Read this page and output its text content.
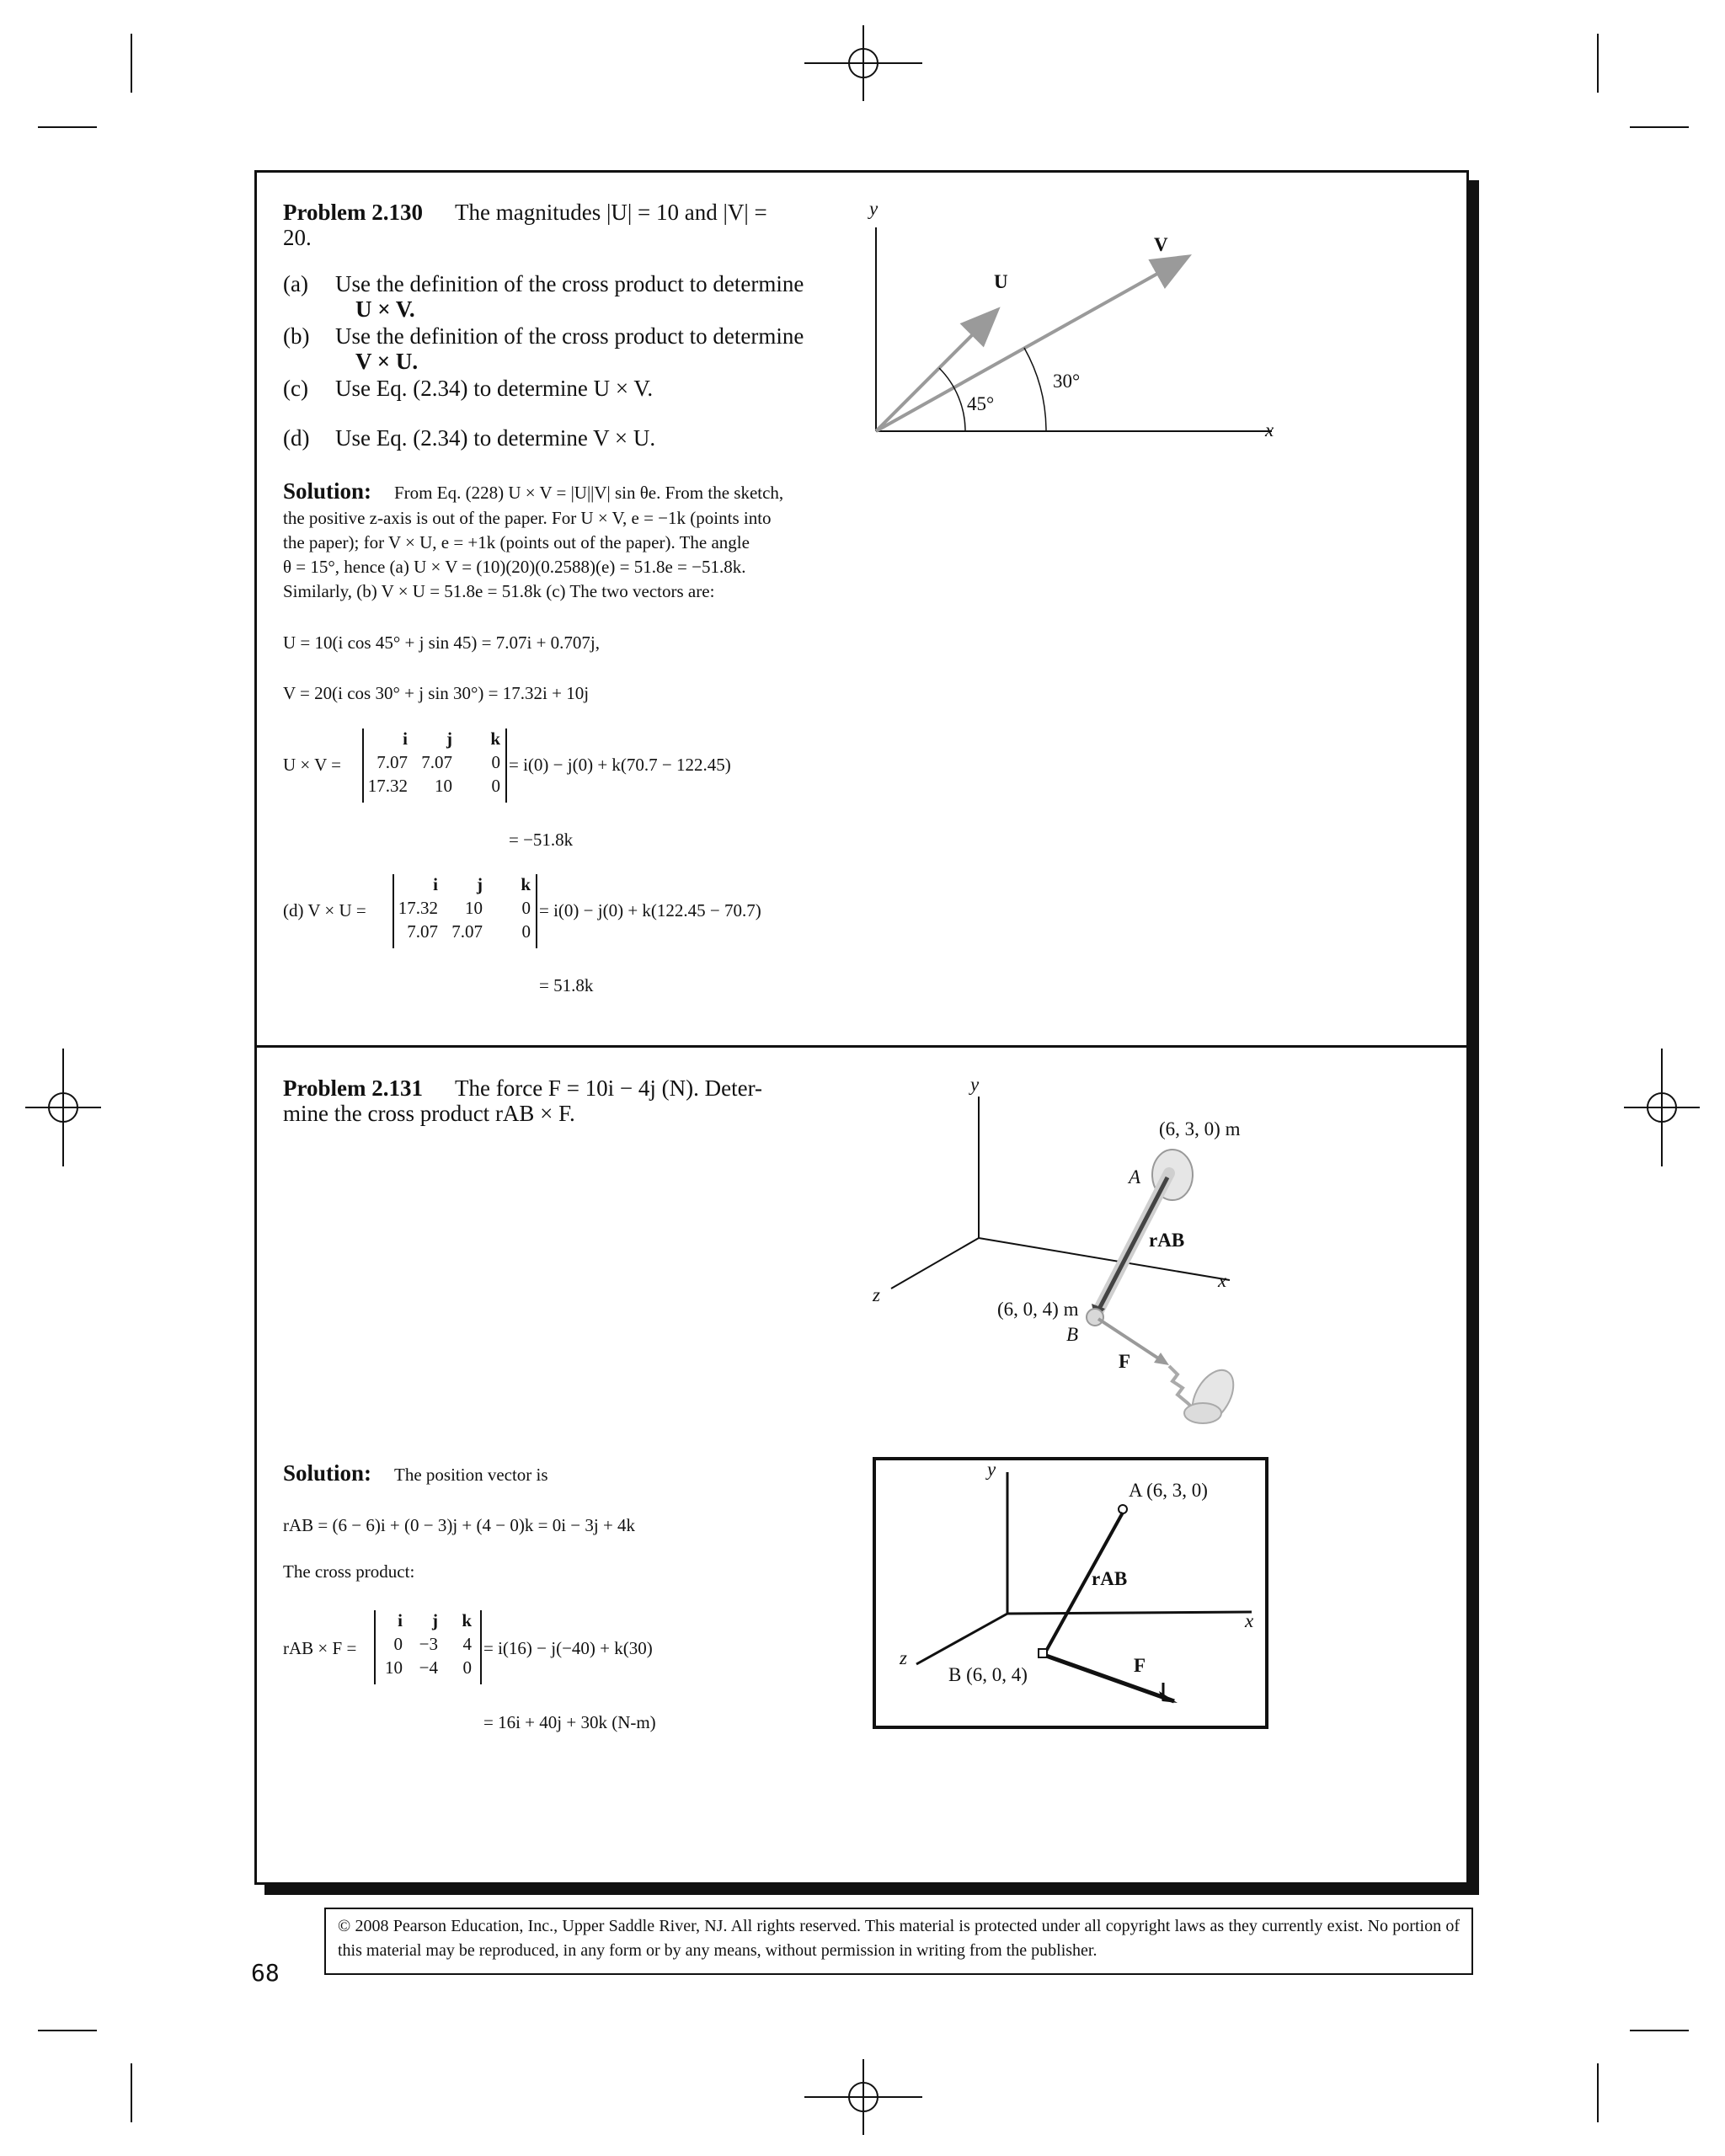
Problem 2.130 The magnitudes |U| = 10 and |V| =
20.
(a) Use the definition of the cross product to determine
U × V.
(b) Use the definition of the cross product to determine
V × U.
(c) Use Eq. (2.34) to determine U × V.
(d) Use Eq. (2.34) to determine V × U.
Solution: From Eq. (228) U × V = |U||V| sin θe. From the sketch,
the positive z-axis is out of the paper. For U × V, e = −1k (points into
the paper); for V × U, e = +1k (points out of the paper). The angle
θ = 15°, hence (a) U × V = (10)(20)(0.2588)(e) = 51.8e = −51.8k.
Similarly, (b) V × U = 51.8e = 51.8k (c) The two vectors are:
U = 10(i cos 45° + j sin 45) = 7.07i + 0.707j,
V = 20(i cos 30° + j sin 30°) = 17.32i + 10j
U × V =
i	j	k
7.07 7.07	0
17.32	10	0
= i(0) − j(0) + k(70.7 − 122.45)
= −51.8k
(d) V × U =
i	j	k
17.32	10	0
7.07 7.07	0
= i(0) − j(0) + k(122.45 − 70.7)
= 51.8k
y
x
U
V
45°
30°
Problem 2.131 The force F = 10i − 4j (N). Deter-
mine the cross product rAB × F.
Solution: The position vector is
rAB = (6 − 6)i + (0 − 3)j + (4 − 0)k = 0i − 3j + 4k
The cross product:
rAB × F =
i	j	k
0 −3	4
10 −4	0
= i(16) − j(−40) + k(30)
= 16i + 40j + 30k (N-m)
y
x
z
(6, 3, 0) m
A
(6, 0, 4) m
B
rAB
F
y
x
z
A (6, 3, 0)
B (6, 0, 4)
rAB
F
© 2008 Pearson Education, Inc., Upper Saddle River, NJ. All rights reserved. This material is protected under all copyright laws as they currently exist. No portion of this material may be reproduced, in any form or by any means, without permission in writing from the publisher.
68
